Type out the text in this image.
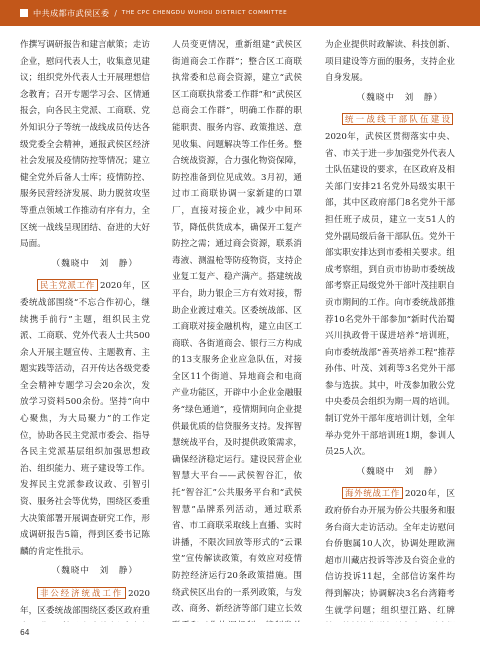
中共成都市武侯区委 / THE CPC CHENGDU WUHOU DISTRICT COMMITTEE

作撰写调研报告和建言献策；走访企业，慰问代表人士，收集意见建议；组织党外代表人士开展理想信念教育；召开专题学习会、区情通报会，向各民主党派、工商联、党外知识分子等统一战线成员传达各级党委全会精神，通报武侯区经济社会发展及疫情防控等情况；建立健全党外后备人士库；疫情防控、服务民营经济发展、助力脱贫攻坚等重点领域工作推动有序有力，全区统一战线呈现团结、奋进的大好局面。

（魏晓中　刘　静）

民主党派工作 2020年，区委统战部围绕“不忘合作初心，继续携手前行”主题，组织民主党派、工商联、党外代表人士共500余人开展主题宣传、主题教育、主题实践等活动，召开传达各级党委全会精神专题学习会20余次，发放学习资料500余份。坚持“向中心聚焦，为大局聚力”的工作定位，协助各民主党派市委会、指导各民主党派基层组织加强思想政治、组织能力、班子建设等工作。发挥民主党派参政议政、引智引资、服务社会等优势，围绕区委重大决策部署开展调查研究工作，形成调研报告5篇，得到区委书记陈麟的肯定性批示。

（魏晓中　刘　静）

非公经济统战工作 2020年，区委统战部围绕区委区政府重

人员变更情况，重新组建“武侯区街道商会工作群”；整合区工商联执常委和总商会资源，建立“武侯区工商联执常委工作群”和“武侯区总商会工作群”，明确工作群的职能职责、服务内容、政策推送、意见收集、问题解决等工作任务。整合统战资源，合力强化物资保障，防控准备到位见成效。3月初，通过市工商联协调一家新建的口罩厂，直接对接企业，减少中间环节，降低供货成本，确保开工复产防控之需；通过商会资源，联系消毒液、测温枪等防疫物资，支持企业复工复产、稳产满产。搭建统战平台，助力银企三方有效对接，帮助企业渡过难关。区委统战部、区工商联对接金融机构，建立由区工商联、各街道商会、银行三方构成的13支服务企业应急队伍，对接全区11个街道、异地商会和电商产业功能区，开辟中小企业金融服务“绿色通道”，疫情期间向企业提供最优质的信贷服务支持。发挥智慧统战平台，及时提供政策需求，确保经济稳定运行。建设民营企业智慧大平台——武侯智谷汇，依托“智谷汇”公共服务平台和“武侯智慧”品牌系列活动，通过联系省、市工商联采取线上直播、实时讲播，不限次回放等形式的“云课堂”宣传解读政策，有效应对疫情防控经济运行20条政策措施。围绕武侯区出台的一系列政策，与发改、商务、新经济等部门建立长效

为企业提供时政解读、科技创新、项目建设等方面的服务，支持企业自身发展。

（魏晓中　刘　静）

统一战线干部队伍建设2020年，武侯区贯彻落实中央、省、市关于进一步加强党外代表人士队伍建设的要求，在区政府及相关部门安排21名党外局级实职干部，其中区政府部门8名党外干部担任班子成员，建立一支51人的党外副局级后备干部队伍。党外干部实职安排达到市委相关要求。组成考察组，到自贡市协助市委统战部考察正局级党外干部叶茂挂职自贡市期间的工作。向市委统战部推荐10名党外干部参加“新时代治蜀兴川执政骨干谋进培养”培训班，向市委统战部“善英培养工程”推荐孙伟、叶茂、刘莉等3名党外干部参与选拔。其中，叶茂参加散公党中央委员会组织为期一周的培训。制订党外干部年度培训计划，全年举办党外干部培训班1期，参训人员25人次。

（魏晓中　刘　静）

海外统战工作 2020年，区政府侨台办开展为侨公共服务和服务台商大走访活动。全年走访慰问台侨胞属10人次，协调处理欧洲超市川藏店投诉等涉及台资企业的信访投诉11起，全部信访案件均得到解决；协调解决3名台湾籍考生就学问题；组织望江路、红牌

64
